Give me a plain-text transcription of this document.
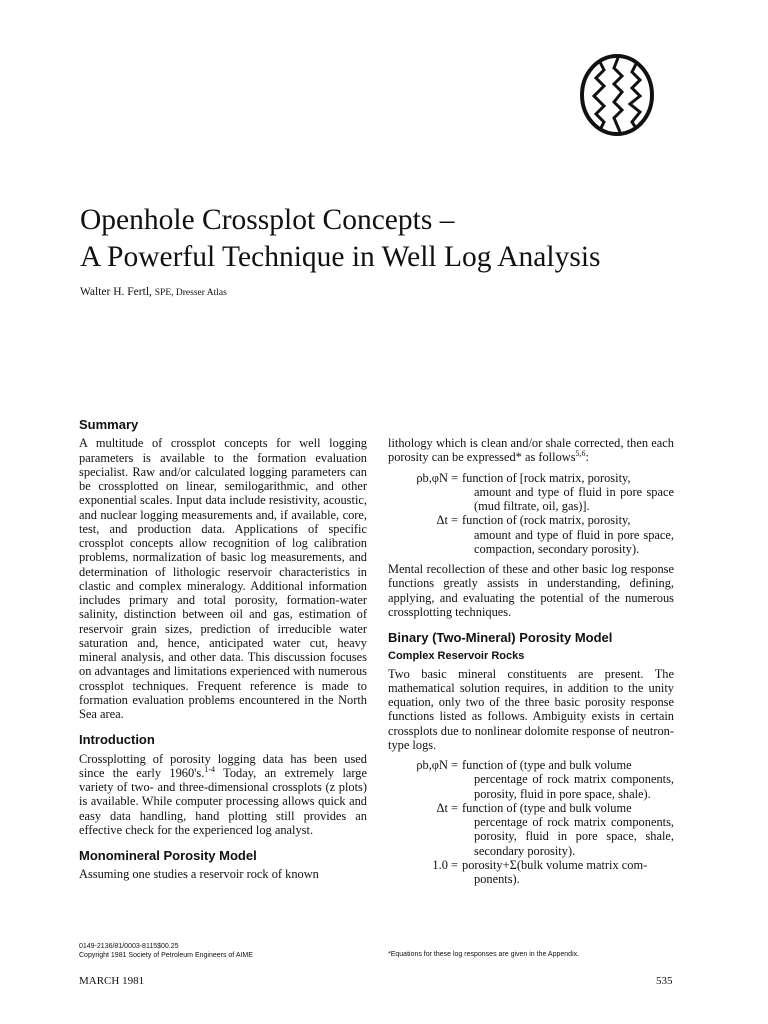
Openhole Crossplot Concepts –
A Powerful Technique in Well Log Analysis
Walter H. Fertl, SPE, Dresser Atlas
Summary

A multitude of crossplot concepts for well logging parameters is available to the formation evaluation specialist. Raw and/or calculated logging parameters can be crossplotted on linear, semilogarithmic, and other exponential scales. Input data include resistivity, acoustic, and nuclear logging measurements and, if available, core, test, and production data. Applications of specific crossplot concepts allow recognition of log calibration problems, normalization of basic log measurements, and determination of lithologic reservoir characteristics in clastic and complex mineralogy. Additional information includes primary and total porosity, formation-water salinity, distinction between oil and gas, estimation of reservoir grain sizes, prediction of irreducible water saturation and, hence, anticipated water cut, heavy mineral analysis, and other data. This discussion focuses on advantages and limitations experienced with numerous crossplot techniques. Frequent reference is made to formation evaluation problems encountered in the North Sea area.

Introduction

Crossplotting of porosity logging data has been used since the early 1960's.$^{1-4}$ Today, an extremely large variety of two- and three-dimensional crossplots (z plots) is available. While computer processing allows quick and easy data handling, hand plotting still provides an effective check for the experienced log analyst.

Monomineral Porosity Model

Assuming one studies a reservoir rock of known

lithology which is clean and/or shale corrected, then each porosity can be expressed* as follows$^{5,6}$:

ρb,φN = function of [rock matrix, porosity,
amount and type of fluid in pore space (mud filtrate, oil, gas)].
Δt = function of (rock matrix, porosity,
amount and type of fluid in pore space, compaction, secondary porosity).

Mental recollection of these and other basic log response functions greatly assists in understanding, defining, applying, and evaluating the potential of the numerous crossplotting techniques.

Binary (Two-Mineral) Porosity Model
Complex Reservoir Rocks

Two basic mineral constituents are present. The mathematical solution requires, in addition to the unity equation, only two of the three basic porosity response functions listed as follows. Ambiguity exists in certain crossplots due to nonlinear dolomite response of neutron-type logs.

ρb,φN = function of (type and bulk volume
percentage of rock matrix components, porosity, fluid in pore space, shale).
Δt = function of (type and bulk volume
percentage of rock matrix components, porosity, fluid in pore space, shale, secondary porosity).
1.0 = porosity+Σ(bulk volume matrix com-
ponents).
0149-2136/81/0003-8115$00.25
Copyright 1981 Society of Petroleum Engineers of AIME	*Equations for these log responses are given in the Appendix.
MARCH 1981	535
